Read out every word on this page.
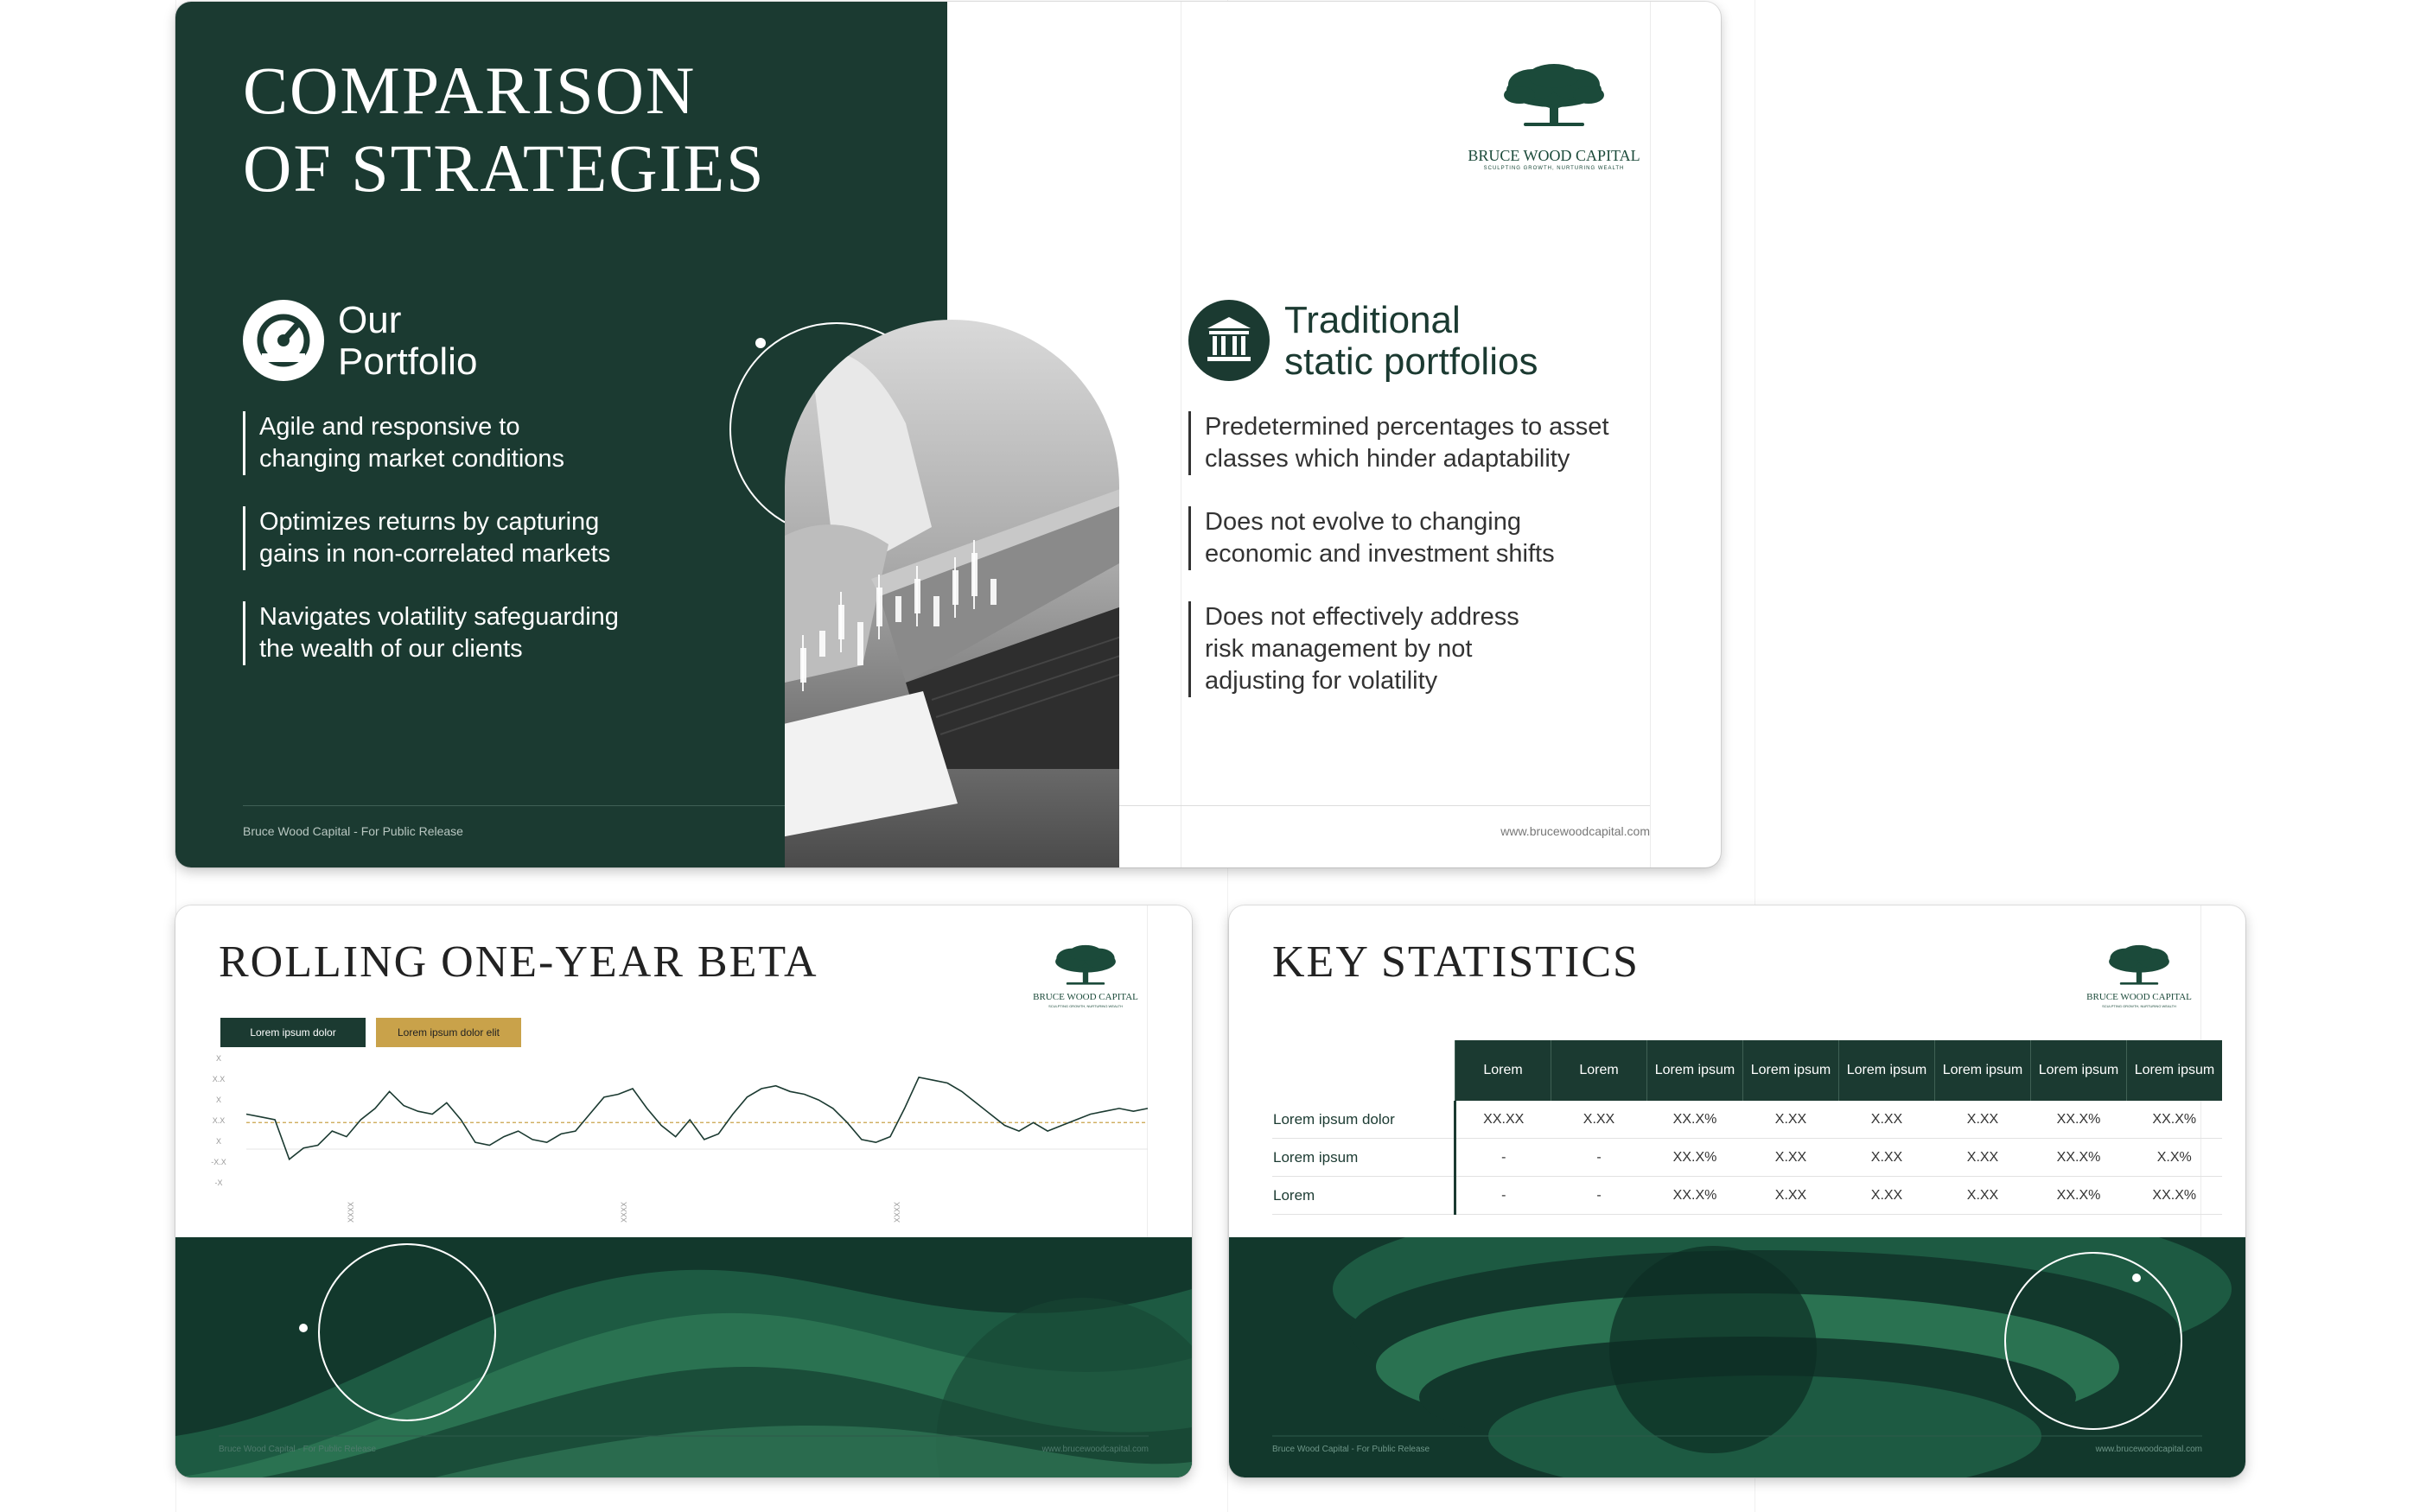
COMPARISON
OF STRATEGIES	BRUCE WOOD CAPITAL
SCULPTING GROWTH, NURTURING WEALTH
Our
Portfolio
Agile and responsive to
changing market conditions
Optimizes returns by capturing
gains in non-correlated markets
Navigates volatility safeguarding
the wealth of our clients
Traditional
static portfolios
Predetermined percentages to asset
classes which hinder adaptability
Does not evolve to changing
economic and investment shifts
Does not effectively address
risk management by not
adjusting for volatility
Bruce Wood Capital - For Public Release	www.brucewoodcapital.com
ROLLING ONE-YEAR BETA
BRUCE WOOD CAPITAL
SCULPTING GROWTH, NURTURING WEALTH
Lorem ipsum dolor	Lorem ipsum dolor elit
X
X.X
X
X.X
X
-X.X
-X
XXXX	XXXX	XXXX
Bruce Wood Capital - For Public Release	www.brucewoodcapital.com
KEY STATISTICS
BRUCE WOOD CAPITAL
SCULPTING GROWTH, NURTURING WEALTH
	Lorem	Lorem	Lorem ipsum	Lorem ipsum	Lorem ipsum	Lorem ipsum	Lorem ipsum	Lorem ipsum
Lorem ipsum dolor	XX.XX	X.XX	XX.X%	X.XX	X.XX	X.XX	XX.X%	XX.X%
Lorem ipsum	-	-	XX.X%	X.XX	X.XX	X.XX	XX.X%	X.X%
Lorem	-	-	XX.X%	X.XX	X.XX	X.XX	XX.X%	XX.X%
Bruce Wood Capital - For Public Release	www.brucewoodcapital.com
